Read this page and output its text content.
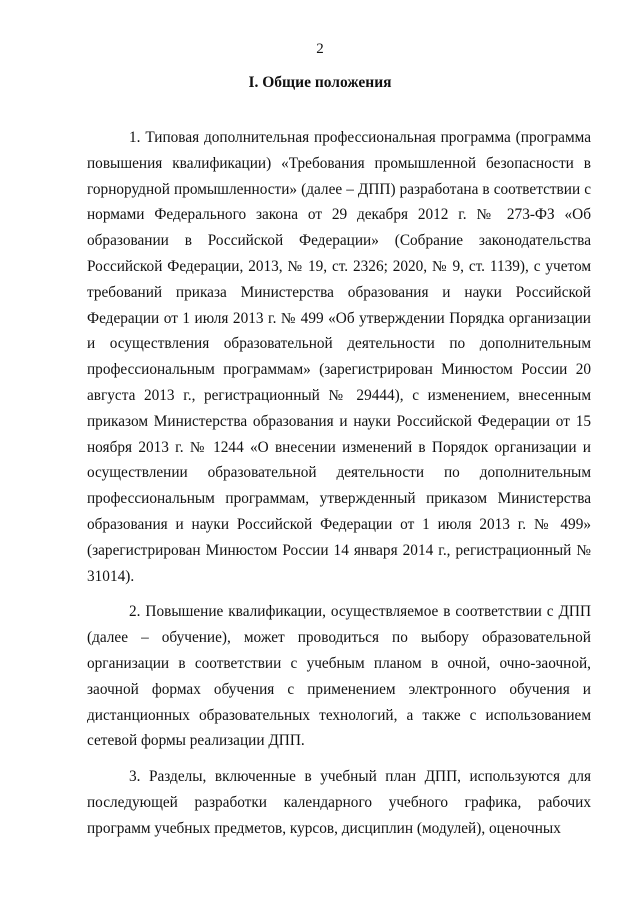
2
I. Общие положения

1. Типовая дополнительная профессиональная программа (программа повышения квалификации) «Требования промышленной безопасности в горнорудной промышленности» (далее – ДПП) разработана в соответствии с нормами Федерального закона от 29 декабря 2012 г. № 273-ФЗ «Об образовании в Российской Федерации» (Собрание законодательства Российской Федерации, 2013, № 19, ст. 2326; 2020, № 9, ст. 1139), с учетом требований приказа Министерства образования и науки Российской Федерации от 1 июля 2013 г. № 499 «Об утверждении Порядка организации и осуществления образовательной деятельности по дополнительным профессиональным программам» (зарегистрирован Минюстом России 20 августа 2013 г., регистрационный № 29444), с изменением, внесенным приказом Министерства образования и науки Российской Федерации от 15 ноября 2013 г. № 1244 «О внесении изменений в Порядок организации и осуществлении образовательной деятельности по дополнительным профессиональным программам, утвержденный приказом Министерства образования и науки Российской Федерации от 1 июля 2013 г. № 499» (зарегистрирован Минюстом России 14 января 2014 г., регистрационный № 31014).

2. Повышение квалификации, осуществляемое в соответствии с ДПП (далее – обучение), может проводиться по выбору образовательной организации в соответствии с учебным планом в очной, очно-заочной, заочной формах обучения с применением электронного обучения и дистанционных образовательных технологий, а также с использованием сетевой формы реализации ДПП.

3. Разделы, включенные в учебный план ДПП, используются для последующей разработки календарного учебного графика, рабочих программ учебных предметов, курсов, дисциплин (модулей), оценочных
